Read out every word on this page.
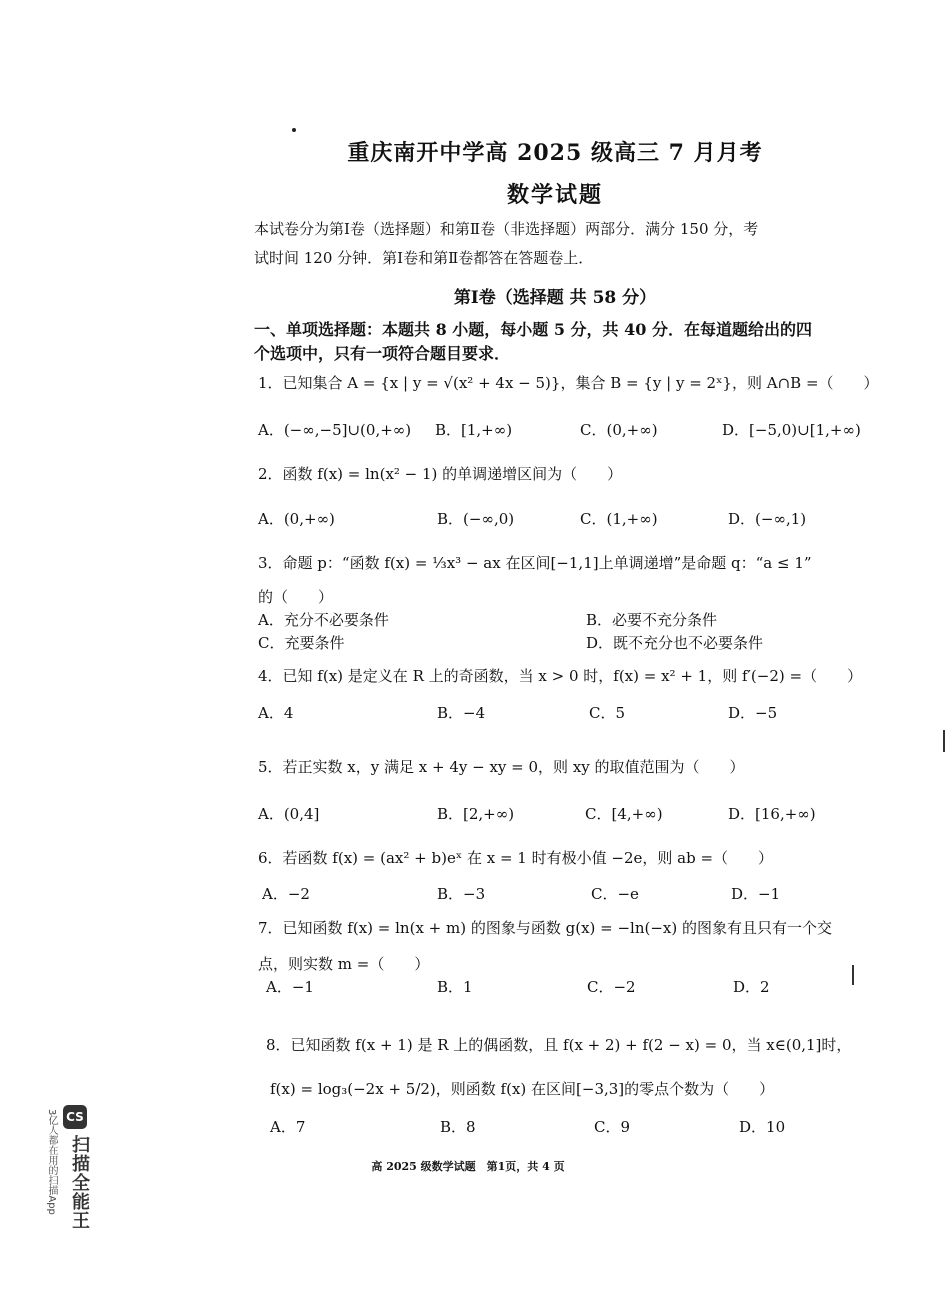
重庆南开中学高 2025 级高三 7 月月考
数学试题
本试卷分为第Ⅰ卷（选择题）和第Ⅱ卷（非选择题）两部分．满分 150 分，考
试时间 120 分钟．第Ⅰ卷和第Ⅱ卷都答在答题卷上．
第Ⅰ卷（选择题 共 58 分）
一、单项选择题：本题共 8 小题，每小题 5 分，共 40 分．在每道题给出的四
个选项中，只有一项符合题目要求．
1．已知集合 A = {x | y = √(x² + 4x − 5)}，集合 B = {y | y = 2ˣ}，则 A∩B =（　　）
A．(−∞,−5]∪(0,+∞) B．[1,+∞)	C．(0,+∞)	D．[−5,0)∪[1,+∞)
2．函数 f(x) = ln(x² − 1) 的单调递增区间为（　　）
A．(0,+∞)	B．(−∞,0)	C．(1,+∞)	D．(−∞,1)
3．命题 p：“函数 f(x) = ⅓x³ − ax 在区间[−1,1]上单调递增”是命题 q：“a ≤ 1”
的（　　）
A．充分不必要条件	B．必要不充分条件
C．充要条件	D．既不充分也不必要条件
4．已知 f(x) 是定义在 R 上的奇函数，当 x > 0 时，f(x) = x² + 1，则 f′(−2) =（　　）
A．4	B．−4	C．5	D．−5
5．若正实数 x，y 满足 x + 4y − xy = 0，则 xy 的取值范围为（　　）
A．(0,4]	B．[2,+∞)	C．[4,+∞)	D．[16,+∞)
6．若函数 f(x) = (ax² + b)eˣ 在 x = 1 时有极小值 −2e，则 ab =（　　）
A．−2	B．−3	C．−e	D．−1
7．已知函数 f(x) = ln(x + m) 的图象与函数 g(x) = −ln(−x) 的图象有且只有一个交
点，则实数 m =（　　）
A．−1	B．1	C．−2	D．2
8．已知函数 f(x + 1) 是 R 上的偶函数，且 f(x + 2) + f(2 − x) = 0，当 x∈(0,1]时，
f(x) = log₃(−2x + 5/2)，则函数 f(x) 在区间[−3,3]的零点个数为（　　）
A．7	B．8	C．9	D．10
高 2025 级数学试题　第1页，共 4 页
CS
扫描全能王
3亿人都在用的扫描App
